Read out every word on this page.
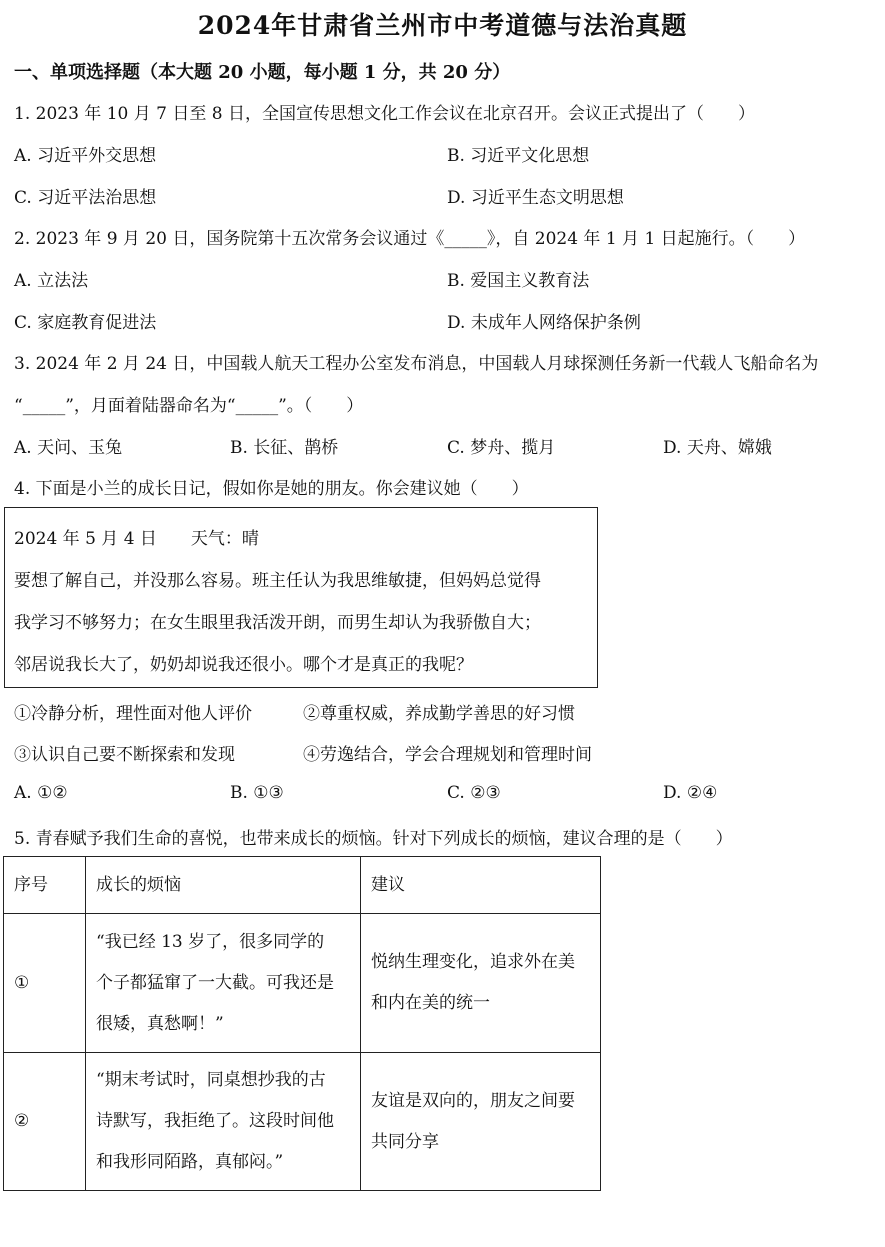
2024年甘肃省兰州市中考道德与法治真题
一、单项选择题（本大题 20 小题，每小题 1 分，共 20 分）
1. 2023 年 10 月 7 日至 8 日，全国宣传思想文化工作会议在北京召开。会议正式提出了（　　）
A. 习近平外交思想	B. 习近平文化思想
C. 习近平法治思想	D. 习近平生态文明思想
2. 2023 年 9 月 20 日，国务院第十五次常务会议通过《_____》，自 2024 年 1 月 1 日起施行。（　　）
A. 立法法	B. 爱国主义教育法
C. 家庭教育促进法	D. 未成年人网络保护条例
3. 2024 年 2 月 24 日，中国载人航天工程办公室发布消息，中国载人月球探测任务新一代载人飞船命名为
“_____”，月面着陆器命名为“_____”。（　　）
A. 天问、玉兔	B. 长征、鹊桥	C. 梦舟、揽月	D. 天舟、嫦娥
4. 下面是小兰的成长日记，假如你是她的朋友。你会建议她（　　）
2024 年 5 月 4 日　　天气：晴
要想了解自己，并没那么容易。班主任认为我思维敏捷，但妈妈总觉得
我学习不够努力；在女生眼里我活泼开朗，而男生却认为我骄傲自大；
邻居说我长大了，奶奶却说我还很小。哪个才是真正的我呢？
①冷静分析，理性面对他人评价	②尊重权威，养成勤学善思的好习惯
③认识自己要不断探索和发现	④劳逸结合，学会合理规划和管理时间
A. ①②	B. ①③	C. ②③	D. ②④
5. 青春赋予我们生命的喜悦，也带来成长的烦恼。针对下列成长的烦恼，建议合理的是（　　）
序号	成长的烦恼	建议
①	“我已经 13 岁了，很多同学的
个子都猛窜了一大截。可我还是
很矮，真愁啊！”	悦纳生理变化，追求外在美
和内在美的统一

②	“期末考试时，同桌想抄我的古
诗默写，我拒绝了。这段时间他
和我形同陌路，真郁闷。”	友谊是双向的，朋友之间要
共同分享
